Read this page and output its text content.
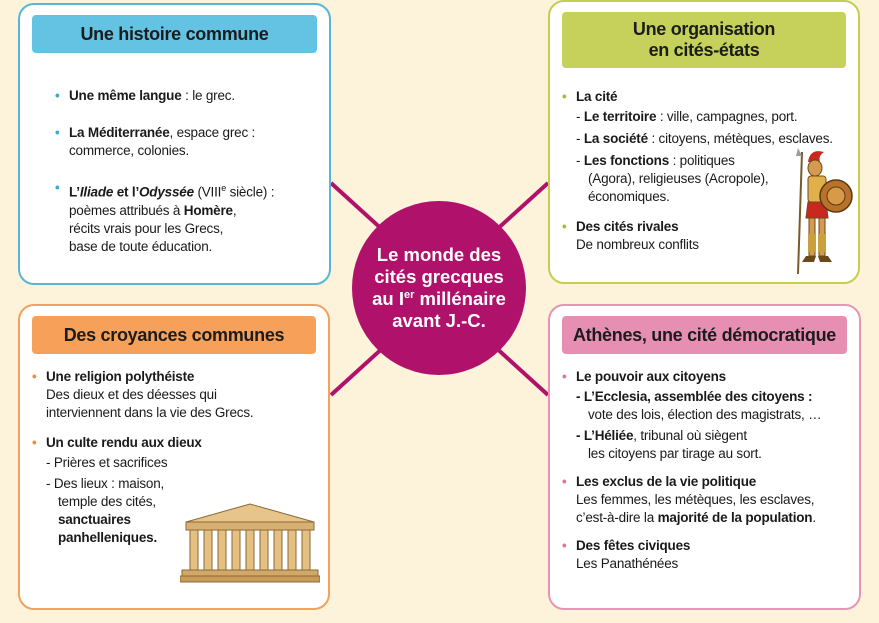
Une histoire commune
• Une même langue : le grec.
• La Méditerranée, espace grec :
commerce, colonies.
• L’Iliade et l’Odyssée (VIIIe siècle) :
poèmes attribués à Homère,
récits vrais pour les Grecs,
base de toute éducation.
Une organisation
en cités-états
• La cité
- Le territoire : ville, campagnes, port.
- La société : citoyens, métèques, esclaves.
- Les fonctions : politiques
(Agora), religieuses (Acropole),
économiques.
• Des cités rivales
De nombreux conflits
Des croyances communes
• Une religion polythéiste
Des dieux et des déesses qui
interviennent dans la vie des Grecs.
• Un culte rendu aux dieux
- Prières et sacrifices
- Des lieux : maison,
temple des cités,
sanctuaires
panhelleniques.
Athènes, une cité démocratique
• Le pouvoir aux citoyens
- L’Ecclesia, assemblée des citoyens :
vote des lois, élection des magistrats, …
- L’Héliée, tribunal où siègent
les citoyens par tirage au sort.
• Les exclus de la vie politique
Les femmes, les métèques, les esclaves,
c’est-à-dire la majorité de la population.
• Des fêtes civiques
Les Panathénées
Le monde des
cités grecques
au Ier millénaire
avant J.-C.
